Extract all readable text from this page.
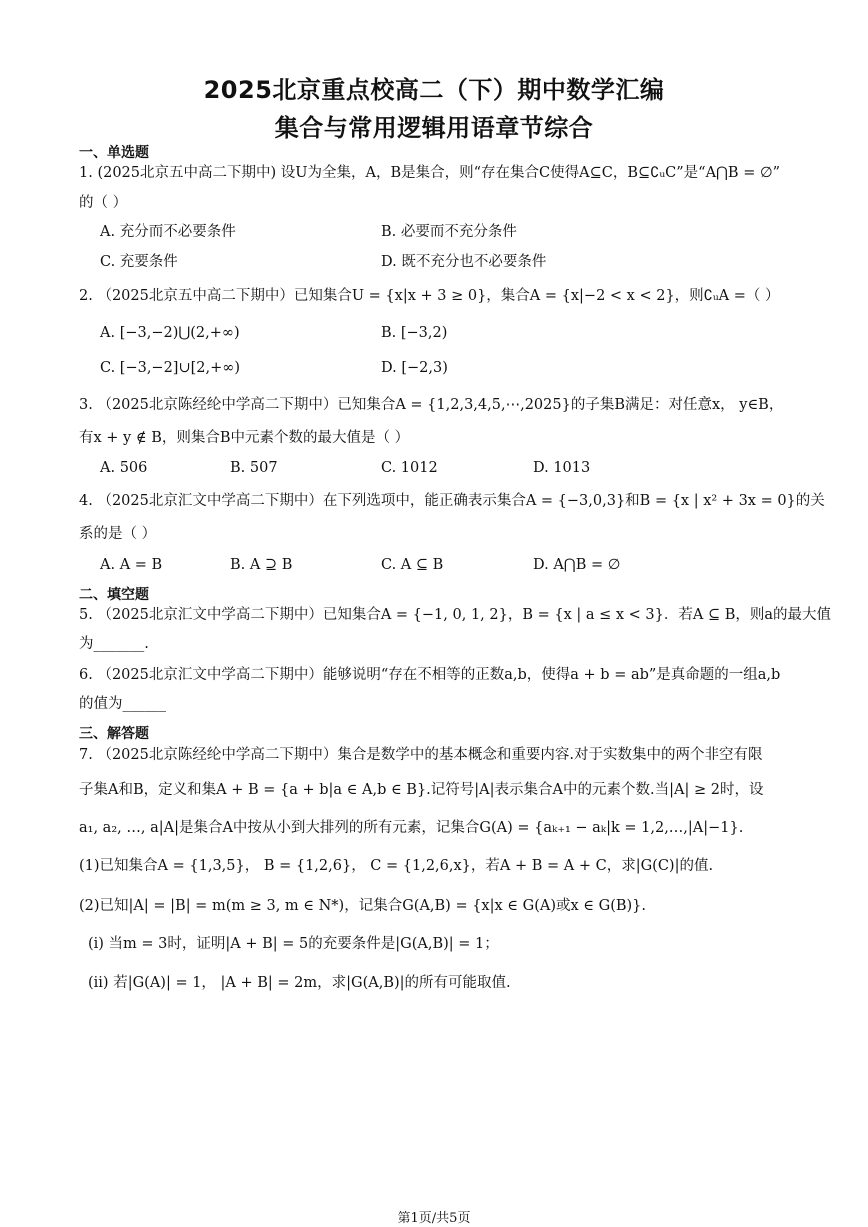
2025北京重点校高二（下）期中数学汇编
集合与常用逻辑用语章节综合
一、单选题
1. (2025北京五中高二下期中) 设U为全集，A，B是集合，则“存在集合C使得A⊆C，B⊆∁ᵤC”是“A⋂B = ∅”
的（ ）
A. 充分而不必要条件	B. 必要而不充分条件
C. 充要条件	D. 既不充分也不必要条件
2. （2025北京五中高二下期中）已知集合U = {x|x + 3 ≥ 0}，集合A = {x|−2 < x < 2}，则∁ᵤA =（ ）
A. [−3,−2)⋃(2,+∞)	B. [−3,2)
C. [−3,−2]∪[2,+∞)	D. [−2,3)
3. （2025北京陈经纶中学高二下期中）已知集合A = {1,2,3,4,5,⋯,2025}的子集B满足：对任意x， y∈B，
有x + y ∉ B，则集合B中元素个数的最大值是（ ）
A. 506	B. 507	C. 1012	D. 1013
4. （2025北京汇文中学高二下期中）在下列选项中，能正确表示集合A = {−3,0,3}和B = {x | x² + 3x = 0}的关
系的是（ ）
A. A = B	B. A ⊇ B	C. A ⊆ B	D. A⋂B = ∅
二、填空题
5. （2025北京汇文中学高二下期中）已知集合A = {−1, 0, 1, 2}，B = {x | a ≤ x < 3}．若A ⊆ B，则a的最大值
为_______.
6. （2025北京汇文中学高二下期中）能够说明“存在不相等的正数a,b，使得a + b = ab”是真命题的一组a,b
的值为______
三、解答题
7. （2025北京陈经纶中学高二下期中）集合是数学中的基本概念和重要内容.对于实数集中的两个非空有限
子集A和B，定义和集A + B = {a + b|a ∈ A,b ∈ B}.记符号|A|表示集合A中的元素个数.当|A| ≥ 2时，设
a₁, a₂, …, a|A|是集合A中按从小到大排列的所有元素，记集合G(A) = {aₖ₊₁ − aₖ|k = 1,2,…,|A|−1}.
(1)已知集合A = {1,3,5}， B = {1,2,6}， C = {1,2,6,x}，若A + B = A + C，求|G(C)|的值.
(2)已知|A| = |B| = m(m ≥ 3, m ∈ N*)，记集合G(A,B) = {x|x ∈ G(A)或x ∈ G(B)}.
(i) 当m = 3时，证明|A + B| = 5的充要条件是|G(A,B)| = 1；
(ii) 若|G(A)| = 1， |A + B| = 2m，求|G(A,B)|的所有可能取值.
第1页/共5页
